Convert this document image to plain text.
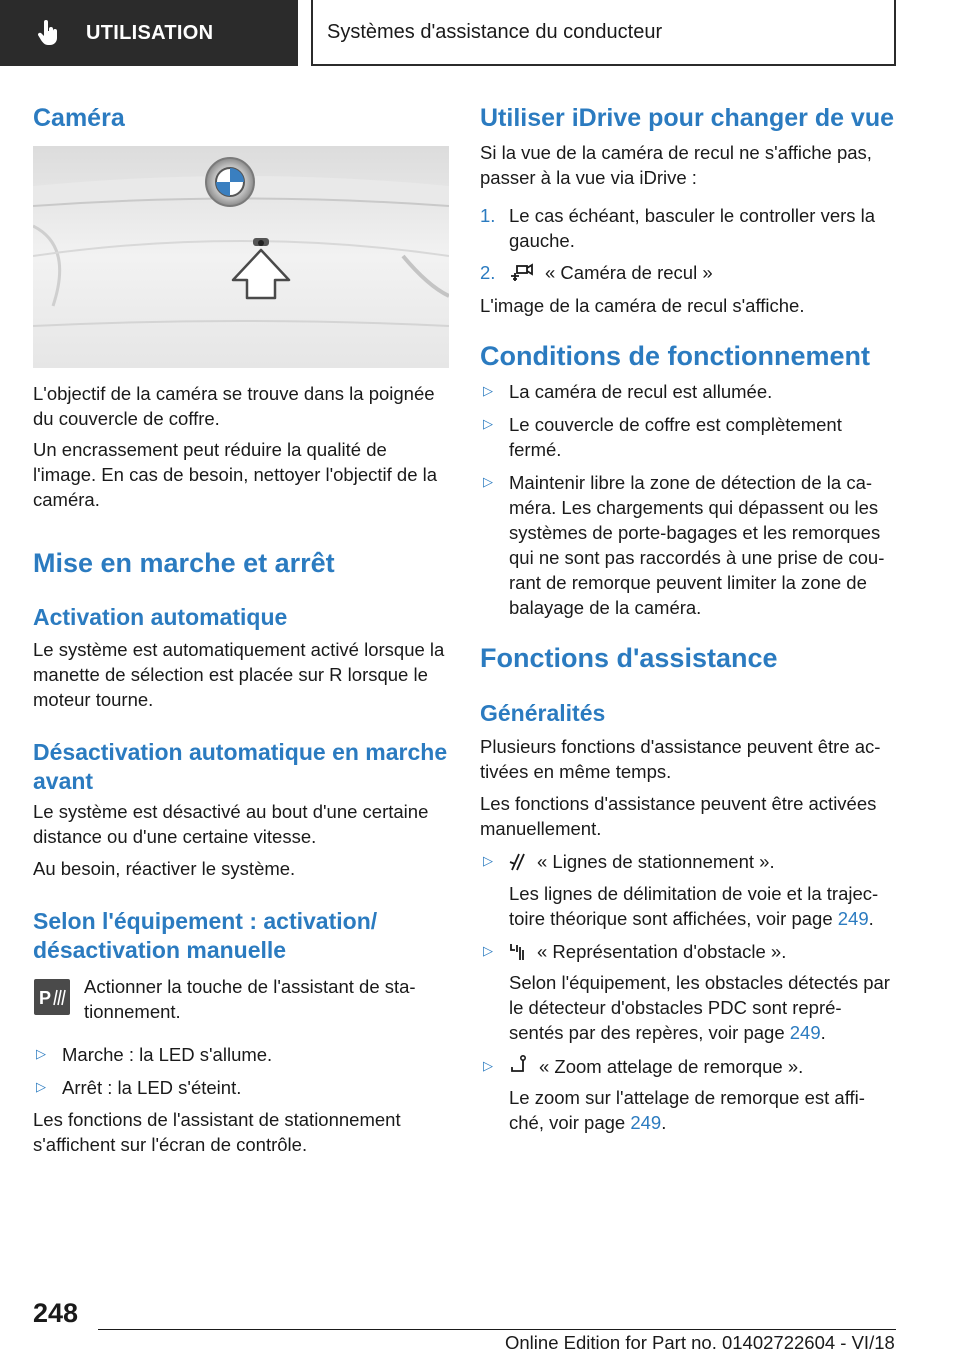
UTILISATION	Systèmes d'assistance du conducteur
Caméra
L'objectif de la caméra se trouve dans la poignée du couvercle de coffre.
Un encrassement peut réduire la qualité de l'image. En cas de besoin, nettoyer l'objectif de la caméra.
Mise en marche et arrêt
Activation automatique
Le système est automatiquement activé lorsque la manette de sélection est placée sur R lorsque le moteur tourne.
Désactivation automatique en marche avant
Le système est désactivé au bout d'une certaine distance ou d'une certaine vitesse.
Au besoin, réactiver le système.
Selon l'équipement : activation/ désactivation manuelle
P
Actionner la touche de l'assistant de sta-tionnement.
▷ Marche : la LED s'allume.
▷ Arrêt : la LED s'éteint.
Les fonctions de l'assistant de stationnement s'affichent sur l'écran de contrôle.
Utiliser iDrive pour changer de vue
Si la vue de la caméra de recul ne s'affiche pas, passer à la vue via iDrive :
1. Le cas échéant, basculer le controller vers la gauche.
2.	« Caméra de recul »
L'image de la caméra de recul s'affiche.
Conditions de fonctionnement
▷ La caméra de recul est allumée.
▷ Le couvercle de coffre est complètement fermé.
▷ Maintenir libre la zone de détection de la ca-méra. Les chargements qui dépassent ou les systèmes de porte-bagages et les remorques qui ne sont pas raccordés à une prise de cou-rant de remorque peuvent limiter la zone de balayage de la caméra.
Fonctions d'assistance
Généralités
Plusieurs fonctions d'assistance peuvent être ac-tivées en même temps.
Les fonctions d'assistance peuvent être activées manuellement.
▷	« Lignes de stationnement ».
Les lignes de délimitation de voie et la trajec-toire théorique sont affichées, voir page 249.
▷	« Représentation d'obstacle ».
Selon l'équipement, les obstacles détectés par le détecteur d'obstacles PDC sont repré-sentés par des repères, voir page 249.
▷	« Zoom attelage de remorque ».
Le zoom sur l'attelage de remorque est affi-ché, voir page 249.
248
Online Edition for Part no. 01402722604 - VI/18
